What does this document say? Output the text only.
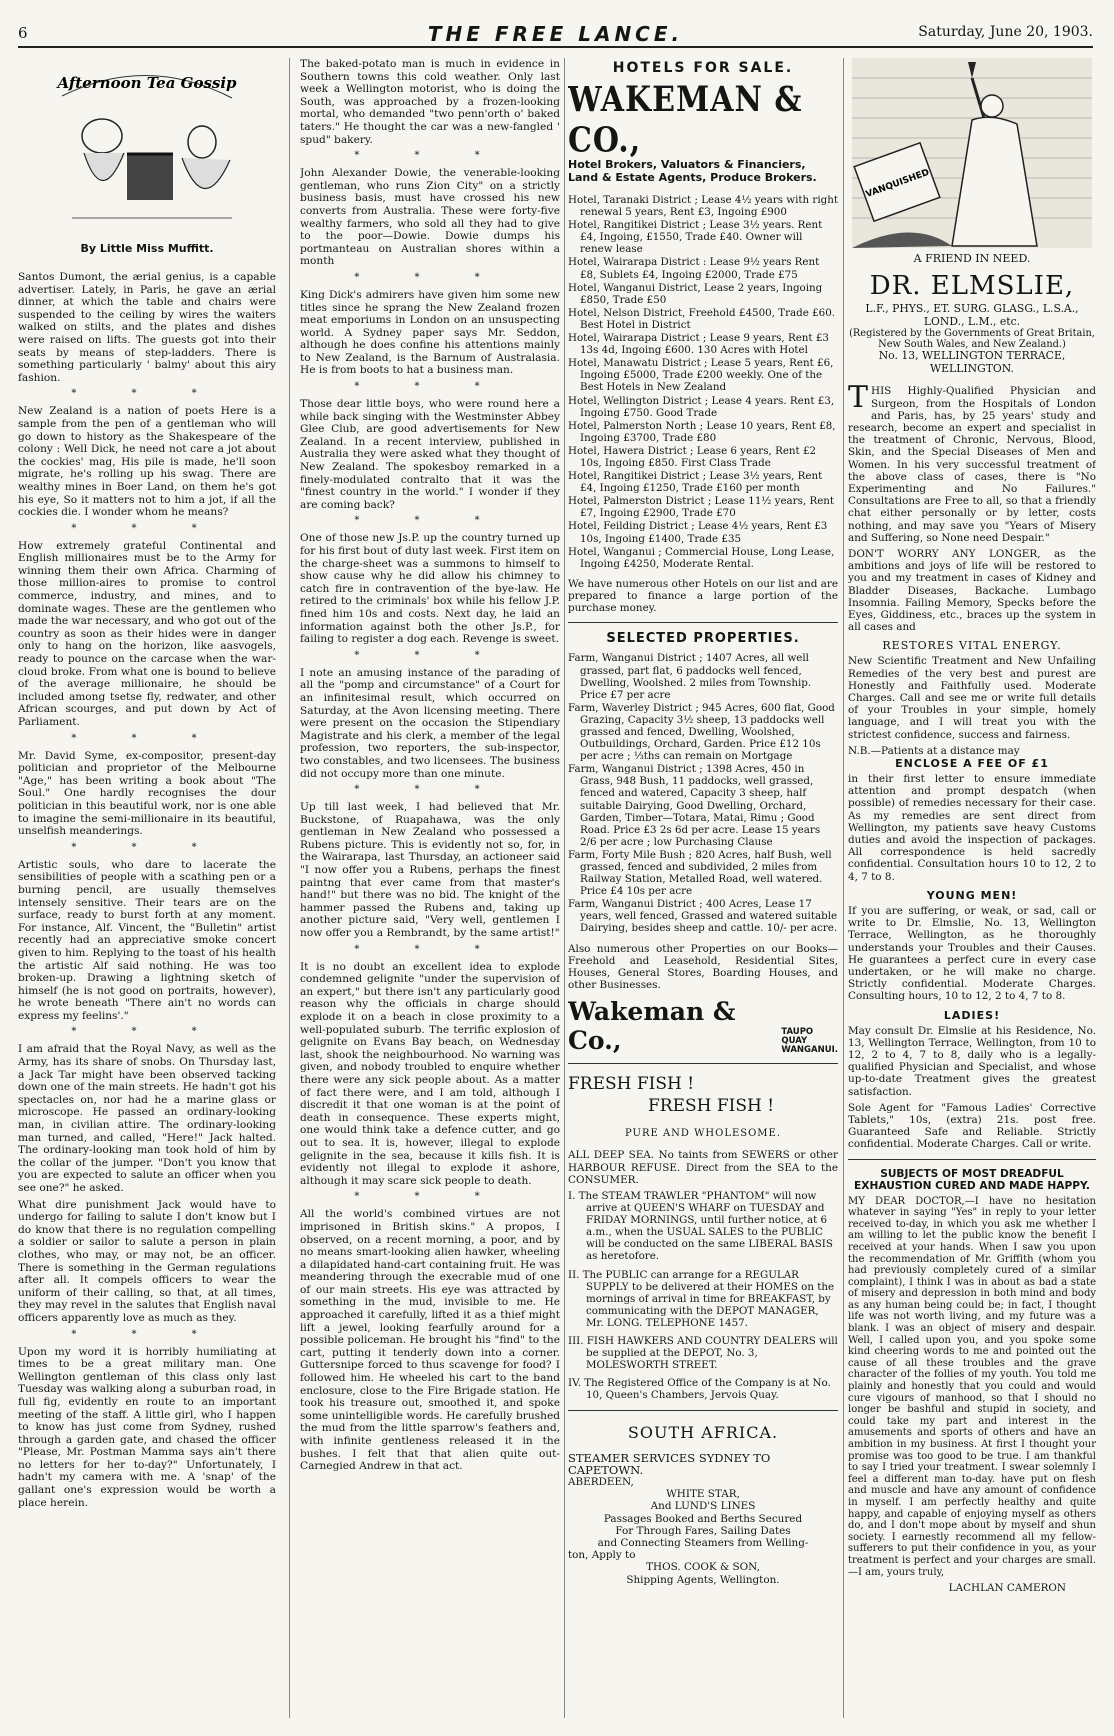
6	THE FREE LANCE.	Saturday, June 20, 1903.
Afternoon Tea Gossip
By Little Miss Muffitt.

Santos Dumont, the ærial genius, is a capable advertiser. Lately, in Paris, he gave an ærial dinner, at which the table and chairs were suspended to the ceiling by wires the waiters walked on stilts, and the plates and dishes were raised on lifts. The guests got into their seats by means of step-ladders. There is something particularly ' balmy' about this airy fashion.

* * *

New Zealand is a nation of poets Here is a sample from the pen of a gentleman who will go down to history as the Shakespeare of the colony : Well Dick, he need not care a jot about the cockies' mag, His pile is made, he'll soon migrate, he's rolling up his swag. There are wealthy mines in Boer Land, on them he's got his eye, So it matters not to him a jot, if all the cockies die. I wonder whom he means?

* * *

How extremely grateful Continental and English millionaires must be to the Army for winning them their own Africa. Charming of those million-aires to promise to control commerce, industry, and mines, and to dominate wages. These are the gentlemen who made the war necessary, and who got out of the country as soon as their hides were in danger only to hang on the horizon, like aasvogels, ready to pounce on the carcase when the war-cloud broke. From what one is bound to believe of the average millionaire, he should be included among tsetse fly, redwater, and other African scourges, and put down by Act of Parliament.

* * *

Mr. David Syme, ex-compositor, present-day politician and proprietor of the Melbourne "Age," has been writing a book about "The Soul." One hardly recognises the dour politician in this beautiful work, nor is one able to imagine the semi-millionaire in its beautiful, unselfish meanderings.

* * *

Artistic souls, who dare to lacerate the sensibilities of people with a scathing pen or a burning pencil, are usually themselves intensely sensitive. Their tears are on the surface, ready to burst forth at any moment. For instance, Alf. Vincent, the "Bulletin" artist recently had an appreciative smoke concert given to him. Replying to the toast of his health the artistic Alf said nothing. He was too broken-up. Drawing a lightning sketch of himself (he is not good on portraits, however), he wrote beneath "There ain't no words can express my feelins'."

* * *

I am afraid that the Royal Navy, as well as the Army, has its share of snobs. On Thursday last, a Jack Tar might have been observed tacking down one of the main streets. He hadn't got his spectacles on, nor had he a marine glass or microscope. He passed an ordinary-looking man, in civilian attire. The ordinary-looking man turned, and called, "Here!" Jack halted. The ordinary-looking man took hold of him by the collar of the jumper. "Don't you know that you are expected to salute an officer when you see one?" he asked.

What dire punishment Jack would have to undergo for failing to salute I don't know but I do know that there is no regulation compelling a soldier or sailor to salute a person in plain clothes, who may, or may not, be an officer. There is something in the German regulations after all. It compels officers to wear the uniform of their calling, so that, at all times, they may revel in the salutes that English naval officers apparently love as much as they.

* * *

Upon my word it is horribly humiliating at times to be a great military man. One Wellington gentleman of this class only last Tuesday was walking along a suburban road, in full fig, evidently en route to an important meeting of the staff. A little girl, who I happen to know has just come from Sydney, rushed through a garden gate, and chased the officer "Please, Mr. Postman Mamma says ain't there no letters for her to-day?" Unfortunately, I hadn't my camera with me. A 'snap' of the gallant one's expression would be worth a place herein.

The baked-potato man is much in evidence in Southern towns this cold weather. Only last week a Wellington motorist, who is doing the South, was approached by a frozen-looking mortal, who demanded "two penn'orth o' baked taters." He thought the car was a new-fangled ' spud" bakery.

* * *

John Alexander Dowie, the venerable-looking gentleman, who runs Zion City" on a strictly business basis, must have crossed his new converts from Australia. These were forty-five wealthy farmers, who sold all they had to give to the poor—Dowie. Dowie dumps his portmanteau on Australian shores within a month

* * *

King Dick's admirers have given him some new titles since he sprang the New Zealand frozen meat emporiums in London on an unsuspecting world. A Sydney paper says Mr. Seddon, although he does confine his attentions mainly to New Zealand, is the Barnum of Australasia. He is from boots to hat a business man.

* * *

Those dear little boys, who were round here a while back singing with the Westminster Abbey Glee Club, are good advertisements for New Zealand. In a recent interview, published in Australia they were asked what they thought of New Zealand. The spokesboy remarked in a finely-modulated contralto that it was the "finest country in the world." I wonder if they are coming back?

* * *

One of those new Js.P. up the country turned up for his first bout of duty last week. First item on the charge-sheet was a summons to himself to show cause why he did allow his chimney to catch fire in contravention of the bye-law. He retired to the criminals' box while his fellow J.P. fined him 10s and costs. Next day, he laid an information against both the other Js.P., for failing to register a dog each. Revenge is sweet.

* * *

I note an amusing instance of the parading of all the "pomp and circumstance" of a Court for an infinitesimal result, which occurred on Saturday, at the Avon licensing meeting. There were present on the occasion the Stipendiary Magistrate and his clerk, a member of the legal profession, two reporters, the sub-inspector, two constables, and two licensees. The business did not occupy more than one minute.

* * *

Up till last week, I had believed that Mr. Buckstone, of Ruapahawa, was the only gentleman in New Zealand who possessed a Rubens picture. This is evidently not so, for, in the Wairarapa, last Thursday, an actioneer said "I now offer you a Rubens, perhaps the finest paintng that ever came from that master's hand!" but there was no bid. The knight of the hammer passed the Rubens and, taking up another picture said, "Very well, gentlemen I now offer you a Rembrandt, by the same artist!"

* * *

It is no doubt an excellent idea to explode condemned gelignite "under the supervision of an expert," but there isn't any particularly good reason why the officials in charge should explode it on a beach in close proximity to a well-populated suburb. The terrific explosion of gelignite on Evans Bay beach, on Wednesday last, shook the neighbourhood. No warning was given, and nobody troubled to enquire whether there were any sick people about. As a matter of fact there were, and I am told, although I discredit it that one woman is at the point of death in consequence. These experts might, one would think take a defence cutter, and go out to sea. It is, however, illegal to explode gelignite in the sea, because it kills fish. It is evidently not illegal to explode it ashore, although it may scare sick people to death.

* * *

All the world's combined virtues are not imprisoned in British skins." A propos, I observed, on a recent morning, a poor, and by no means smart-looking alien hawker, wheeling a dilapidated hand-cart containing fruit. He was meandering through the execrable mud of one of our main streets. His eye was attracted by something in the mud, invisible to me. He approached it carefully, lifted it as a thief might lift a jewel, looking fearfully around for a possible policeman. He brought his "find" to the cart, putting it tenderly down into a corner. Guttersnipe forced to thus scavenge for food? I followed him. He wheeled his cart to the band enclosure, close to the Fire Brigade station. He took his treasure out, smoothed it, and spoke some unintelligible words. He carefully brushed the mud from the little sparrow's feathers and, with infinite gentleness released it in the bushes. I felt that that alien quite out-Carnegied Andrew in that act.

HOTELS FOR SALE.
WAKEMAN & CO.,
Hotel Brokers, Valuators & Financiers, Land & Estate Agents, Produce Brokers.
Hotel, Taranaki District ; Lease 4½ years with right renewal 5 years, Rent £3, Ingoing £900
Hotel, Rangitikei District ; Lease 3½ years. Rent £4, Ingoing, £1550, Trade £40. Owner will renew lease
Hotel, Wairarapa District : Lease 9½ years Rent £8, Sublets £4, Ingoing £2000, Trade £75
Hotel, Wanganui District, Lease 2 years, Ingoing £850, Trade £50
Hotel, Nelson District, Freehold £4500, Trade £60. Best Hotel in District
Hotel, Wairarapa District ; Lease 9 years, Rent £3 13s 4d, Ingoing £600. 130 Acres with Hotel
Hotel, Manawatu District ; Lease 5 years, Rent £6, Ingoing £5000, Trade £200 weekly. One of the Best Hotels in New Zealand
Hotel, Wellington District ; Lease 4 years. Rent £3, Ingoing £750. Good Trade
Hotel, Palmerston North ; Lease 10 years, Rent £8, Ingoing £3700, Trade £80
Hotel, Hawera District ; Lease 6 years, Rent £2 10s, Ingoing £850. First Class Trade
Hotel, Rangitikei District ; Lease 3½ years, Rent £4, Ingoing £1250, Trade £160 per month
Hotel, Palmerston District ; Lease 11½ years, Rent £7, Ingoing £2900, Trade £70
Hotel, Feilding District ; Lease 4½ years, Rent £3 10s, Ingoing £1400, Trade £35
Hotel, Wanganui ; Commercial House, Long Lease, Ingoing £4250, Moderate Rental.

We have numerous other Hotels on our list and are prepared to finance a large portion of the purchase money.

SELECTED PROPERTIES.
Farm, Wanganui District ; 1407 Acres, all well grassed, part flat, 6 paddocks well fenced, Dwelling, Woolshed. 2 miles from Township. Price £7 per acre
Farm, Waverley District ; 945 Acres, 600 flat, Good Grazing, Capacity 3½ sheep, 13 paddocks well grassed and fenced, Dwelling, Woolshed, Outbuildings, Orchard, Garden. Price £12 10s per acre ; ⅓ths can remain on Mortgage
Farm, Wanganui District ; 1398 Acres, 450 in Grass, 948 Bush, 11 paddocks, well grassed, fenced and watered, Capacity 3 sheep, half suitable Dairying, Good Dwelling, Orchard, Garden, Timber—Totara, Matai, Rimu ; Good Road. Price £3 2s 6d per acre. Lease 15 years 2/6 per acre ; low Purchasing Clause
Farm, Forty Mile Bush ; 820 Acres, half Bush, well grassed, fenced and subdivided, 2 miles from Railway Station, Metalled Road, well watered. Price £4 10s per acre
Farm, Wanganui District ; 400 Acres, Lease 17 years, well fenced, Grassed and watered suitable Dairying, besides sheep and cattle. 10/- per acre.

Also numerous other Properties on our Books—Freehold and Leasehold, Residential Sites, Houses, General Stores, Boarding Houses, and other Businesses.

Wakeman & Co.,	TAUPO QUAY
WANGANUI.
FRESH FISH !
FRESH FISH !
PURE AND WHOLESOME.

ALL DEEP SEA. No taints from SEWERS or other HARBOUR REFUSE. Direct from the SEA to the CONSUMER.

I. The STEAM TRAWLER "PHANTOM" will now arrive at QUEEN'S WHARF on TUESDAY and FRIDAY MORNINGS, until further notice, at 6 a.m., when the USUAL SALES to the PUBLIC will be conducted on the same LIBERAL BASIS as heretofore.
II. The PUBLIC can arrange for a REGULAR SUPPLY to be delivered at their HOMES on the mornings of arrival in time for BREAKFAST, by communicating with the DEPOT MANAGER, Mr. LONG. TELEPHONE 1457.
III. FISH HAWKERS AND COUNTRY DEALERS will be supplied at the DEPOT, No. 3, MOLESWORTH STREET.
IV. The Registered Office of the Company is at No. 10, Queen's Chambers, Jervois Quay.
SOUTH AFRICA.
STEAMER SERVICES SYDNEY TO CAPETOWN.
ABERDEEN,
WHITE STAR,
And LUND'S LINES
Passages Booked and Berths Secured
For Through Fares, Sailing Dates
and Connecting Steamers from Welling-
ton, Apply to
THOS. COOK & SON,
Shipping Agents, Wellington.
VANQUISHED
A FRIEND IN NEED.
DR. ELMSLIE,
L.F., PHYS., ET. SURG. GLASG., L.S.A., LOND., L.M., etc.
(Registered by the Governments of Great Britain, New South Wales, and New Zealand.)
No. 13, WELLINGTON TERRACE, WELLINGTON.

THIS Highly-Qualified Physician and Surgeon, from the Hospitals of London and Paris, has, by 25 years' study and research, become an expert and specialist in the treatment of Chronic, Nervous, Blood, Skin, and the Special Diseases of Men and Women. In his very successful treatment of the above class of cases, there is "No Experimenting and No Failures." Consultations are Free to all, so that a friendly chat either personally or by letter, costs nothing, and may save you "Years of Misery and Suffering, so None need Despair."

DON'T WORRY ANY LONGER, as the ambitions and joys of life will be restored to you and my treatment in cases of Kidney and Bladder Diseases, Backache. Lumbago Insomnia. Failing Memory, Specks before the Eyes, Giddiness, etc., braces up the system in all cases and

RESTORES VITAL ENERGY.

New Scientific Treatment and New Unfailing Remedies of the very best and purest are Honestly and Faithfully used. Moderate Charges. Call and see me or write full details of your Troubles in your simple, homely language, and I will treat you with the strictest confidence, success and fairness.

N.B.—Patients at a distance may

ENCLOSE A FEE OF £1

in their first letter to ensure immediate attention and prompt despatch (when possible) of remedies necessary for their case. As my remedies are sent direct from Wellington, my patients save heavy Customs duties and avoid the inspection of packages. All correspondence is held sacredly confidential. Consultation hours 10 to 12, 2 to 4, 7 to 8.

YOUNG MEN!

If you are suffering, or weak, or sad, call or write to Dr. Elmslie, No. 13, Wellington Terrace, Wellington, as he thoroughly understands your Troubles and their Causes. He guarantees a perfect cure in every case undertaken, or he will make no charge. Strictly confidential. Moderate Charges. Consulting hours, 10 to 12, 2 to 4, 7 to 8.

LADIES!

May consult Dr. Elmslie at his Residence, No. 13, Wellington Terrace, Wellington, from 10 to 12, 2 to 4, 7 to 8, daily who is a legally-qualified Physician and Specialist, and whose up-to-date Treatment gives the greatest satisfaction.

Sole Agent for "Famous Ladies' Corrective Tablets," 10s, (extra) 21s. post free. Guaranteed Safe and Reliable. Strictly confidential. Moderate Charges. Call or write.

SUBJECTS OF MOST DREADFUL EXHAUSTION CURED AND MADE HAPPY.

MY DEAR DOCTOR,—I have no hesitation whatever in saying "Yes" in reply to your letter received to-day, in which you ask me whether I am willing to let the public know the benefit I received at your hands. When I saw you upon the recommendation of Mr. Griffith (whom you had previously completely cured of a similar complaint), I think I was in about as bad a state of misery and depression in both mind and body as any human being could be; in fact, I thought life was not worth living, and my future was a blank. I was an object of misery and despair. Well, I called upon you, and you spoke some kind cheering words to me and pointed out the cause of all these troubles and the grave character of the follies of my youth. You told me plainly and honestly that you could and would cure vigours of manhood, so that I should no longer be bashful and stupid in society, and could take my part and interest in the amusements and sports of others and have an ambition in my business. At first I thought your promise was too good to be true. I am thankful to say I tried your treatment. I swear solemnly I feel a different man to-day. have put on flesh and muscle and have any amount of confidence in myself. I am perfectly healthy and quite happy, and capable of enjoying myself as others do, and I don't mope about by myself and shun society. I earnestly recommend all my fellow-sufferers to put their confidence in you, as your treatment is perfect and your charges are small.—I am, yours truly,

LACHLAN CAMERON
